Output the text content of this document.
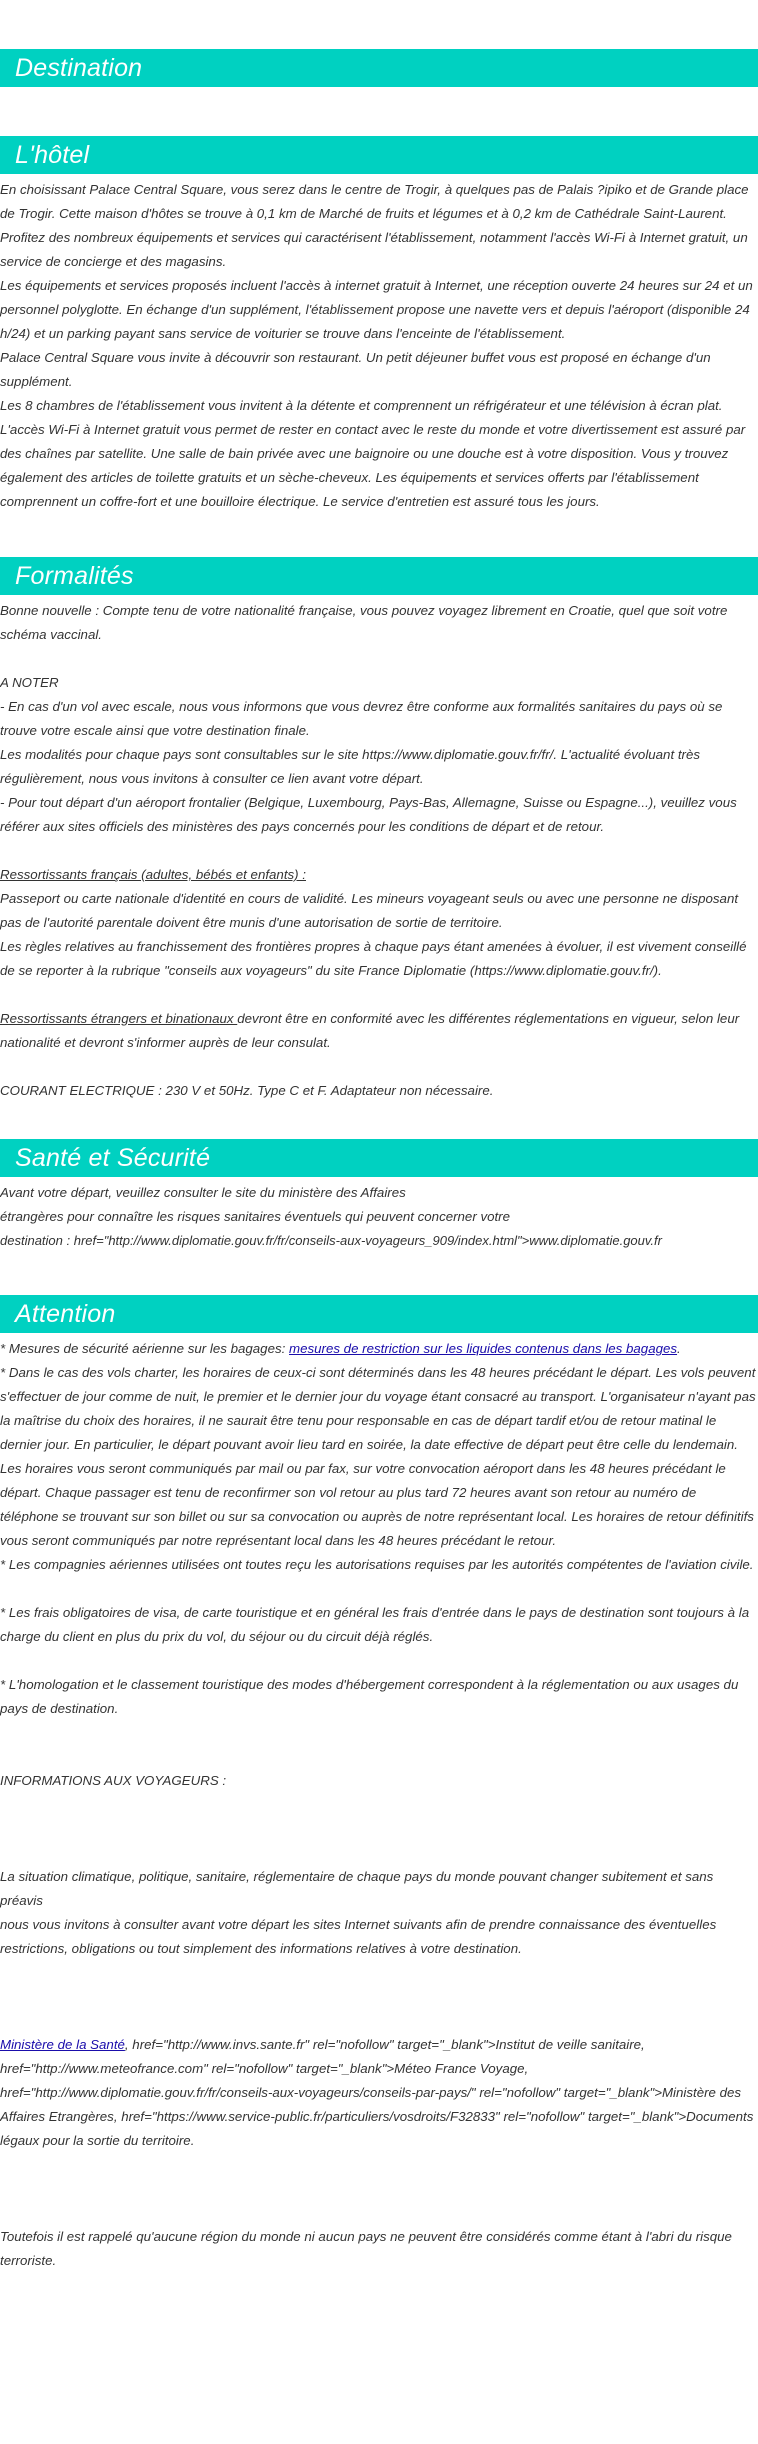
Destination
L'hôtel

En choisissant Palace Central Square, vous serez dans le centre de Trogir, à quelques pas de Palais ?ipiko et de Grande place de Trogir. Cette maison d'hôtes se trouve à 0,1 km de Marché de fruits et légumes et à 0,2 km de Cathédrale Saint-Laurent.

Profitez des nombreux équipements et services qui caractérisent l'établissement, notamment l'accès Wi-Fi à Internet gratuit, un service de concierge et des magasins.

Les équipements et services proposés incluent l'accès à internet gratuit à Internet, une réception ouverte 24 heures sur 24 et un personnel polyglotte. En échange d'un supplément, l'établissement propose une navette vers et depuis l'aéroport (disponible 24 h/24) et un parking payant sans service de voiturier se trouve dans l'enceinte de l'établissement.

Palace Central Square vous invite à découvrir son restaurant. Un petit déjeuner buffet vous est proposé en échange d'un supplément.

Les 8 chambres de l'établissement vous invitent à la détente et comprennent un réfrigérateur et une télévision à écran plat. L'accès Wi-Fi à Internet gratuit vous permet de rester en contact avec le reste du monde et votre divertissement est assuré par des chaînes par satellite. Une salle de bain privée avec une baignoire ou une douche est à votre disposition. Vous y trouvez également des articles de toilette gratuits et un sèche-cheveux. Les équipements et services offerts par l'établissement comprennent un coffre-fort et une bouilloire électrique. Le service d'entretien est assuré tous les jours.

Formalités

Bonne nouvelle : Compte tenu de votre nationalité française, vous pouvez voyagez librement en Croatie, quel que soit votre schéma vaccinal.

A NOTER

- En cas d'un vol avec escale, nous vous informons que vous devrez être conforme aux formalités sanitaires du pays où se trouve votre escale ainsi que votre destination finale.

Les modalités pour chaque pays sont consultables sur le site https://www.diplomatie.gouv.fr/fr/. L'actualité évoluant très régulièrement, nous vous invitons à consulter ce lien avant votre départ.

- Pour tout départ d'un aéroport frontalier (Belgique, Luxembourg, Pays-Bas, Allemagne, Suisse ou Espagne...), veuillez vous référer aux sites officiels des ministères des pays concernés pour les conditions de départ et de retour.

Ressortissants français (adultes, bébés et enfants) :

Passeport ou carte nationale d'identité en cours de validité. Les mineurs voyageant seuls ou avec une personne ne disposant pas de l'autorité parentale doivent être munis d'une autorisation de sortie de territoire.

Les règles relatives au franchissement des frontières propres à chaque pays étant amenées à évoluer, il est vivement conseillé de se reporter à la rubrique "conseils aux voyageurs" du site France Diplomatie (https://www.diplomatie.gouv.fr/).

Ressortissants étrangers et binationaux devront être en conformité avec les différentes réglementations en vigueur, selon leur nationalité et devront s'informer auprès de leur consulat.

COURANT ELECTRIQUE : 230 V et 50Hz. Type C et F. Adaptateur non nécessaire.

Santé et Sécurité

Avant votre départ, veuillez consulter le site du ministère des Affaires

étrangères pour connaître les risques sanitaires éventuels qui peuvent concerner votre

destination : href="http://www.diplomatie.gouv.fr/fr/conseils-aux-voyageurs_909/index.html">www.diplomatie.gouv.fr

Attention

* Mesures de sécurité aérienne sur les bagages: mesures de restriction sur les liquides contenus dans les bagages.

* Dans le cas des vols charter, les horaires de ceux-ci sont déterminés dans les 48 heures précédant le départ. Les vols peuvent s'effectuer de jour comme de nuit, le premier et le dernier jour du voyage étant consacré au transport. L'organisateur n'ayant pas la maîtrise du choix des horaires, il ne saurait être tenu pour responsable en cas de départ tardif et/ou de retour matinal le dernier jour. En particulier, le départ pouvant avoir lieu tard en soirée, la date effective de départ peut être celle du lendemain. Les horaires vous seront communiqués par mail ou par fax, sur votre convocation aéroport dans les 48 heures précédant le départ. Chaque passager est tenu de reconfirmer son vol retour au plus tard 72 heures avant son retour au numéro de téléphone se trouvant sur son billet ou sur sa convocation ou auprès de notre représentant local. Les horaires de retour définitifs vous seront communiqués par notre représentant local dans les 48 heures précédant le retour.

* Les compagnies aériennes utilisées ont toutes reçu les autorisations requises par les autorités compétentes de l'aviation civile.

* Les frais obligatoires de visa, de carte touristique et en général les frais d'entrée dans le pays de destination sont toujours à la charge du client en plus du prix du vol, du séjour ou du circuit déjà réglés.

* L'homologation et le classement touristique des modes d'hébergement correspondent à la réglementation ou aux usages du pays de destination.

INFORMATIONS AUX VOYAGEURS :

La situation climatique, politique, sanitaire, réglementaire de chaque pays du monde pouvant changer subitement et sans préavis

nous vous invitons à consulter avant votre départ les sites Internet suivants afin de prendre connaissance des éventuelles restrictions, obligations ou tout simplement des informations relatives à votre destination.

Ministère de la Santé, href="http://www.invs.sante.fr" rel="nofollow" target="_blank">Institut de veille sanitaire, href="http://www.meteofrance.com" rel="nofollow" target="_blank">Méteo France Voyage, href="http://www.diplomatie.gouv.fr/fr/conseils-aux-voyageurs/conseils-par-pays/" rel="nofollow" target="_blank">Ministère des Affaires Etrangères, href="https://www.service-public.fr/particuliers/vosdroits/F32833" rel="nofollow" target="_blank">Documents légaux pour la sortie du territoire.

Toutefois il est rappelé qu'aucune région du monde ni aucun pays ne peuvent être considérés comme étant à l'abri du risque terroriste.
